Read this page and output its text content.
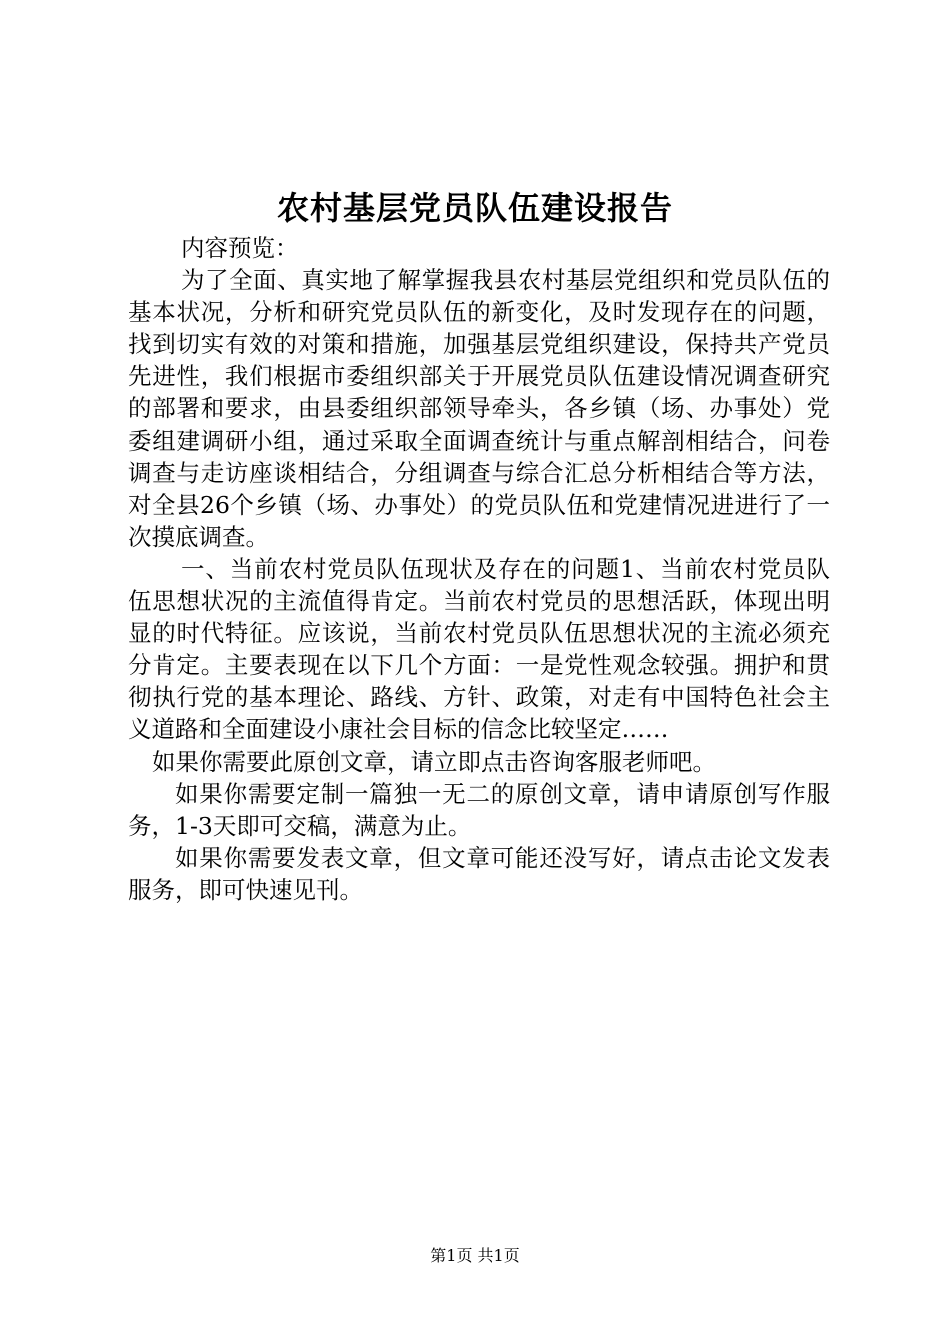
农村基层党员队伍建设报告

内容预览：

为了全面、真实地了解掌握我县农村基层党组织和党员队伍的基本状况，分析和研究党员队伍的新变化，及时发现存在的问题，找到切实有效的对策和措施，加强基层党组织建设，保持共产党员先进性，我们根据市委组织部关于开展党员队伍建设情况调查研究的部署和要求，由县委组织部领导牵头，各乡镇（场、办事处）党委组建调研小组，通过采取全面调查统计与重点解剖相结合，问卷调查与走访座谈相结合，分组调查与综合汇总分析相结合等方法，对全县26个乡镇（场、办事处）的党员队伍和党建情况进进行了一次摸底调查。

一、当前农村党员队伍现状及存在的问题1、当前农村党员队伍思想状况的主流值得肯定。当前农村党员的思想活跃，体现出明显的时代特征。应该说，当前农村党员队伍思想状况的主流必须充分肯定。主要表现在以下几个方面：一是党性观念较强。拥护和贯彻执行党的基本理论、路线、方针、政策，对走有中国特色社会主义道路和全面建设小康社会目标的信念比较坚定……

如果你需要此原创文章，请立即点击咨询客服老师吧。

如果你需要定制一篇独一无二的原创文章，请申请原创写作服务，1-3天即可交稿，满意为止。

如果你需要发表文章，但文章可能还没写好，请点击论文发表服务，即可快速见刊。

第1页 共1页
